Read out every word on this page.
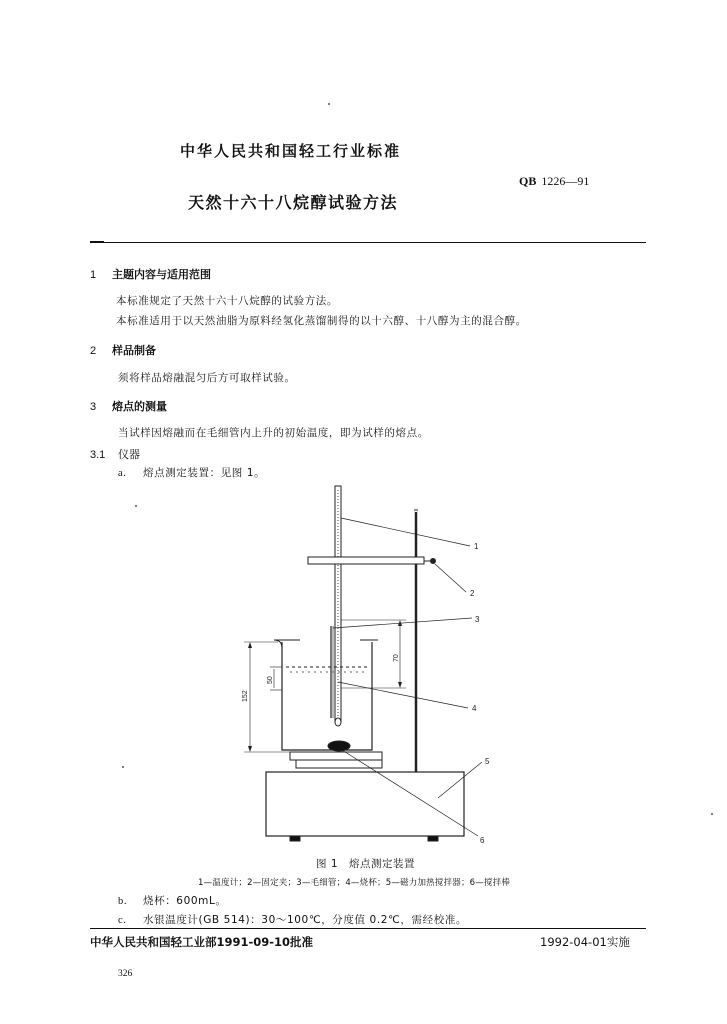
中华人民共和国轻工行业标准
QB 1226—91
天然十六十八烷醇试验方法
1 主题内容与适用范围
本标准规定了天然十六十八烷醇的试验方法。
本标准适用于以天然油脂为原料经氢化蒸馏制得的以十六醇、十八醇为主的混合醇。
2 样品制备
须将样品熔融混匀后方可取样试验。
3 熔点的测量
当试样因熔融而在毛细管内上升的初始温度，即为试样的熔点。
3.1 仪器
a. 熔点测定装置：见图 1。
1
2
3
4
5
6
152
50
70
图 1　熔点测定装置
1—温度计；2—固定夹；3—毛细管；4—烧杯；5—磁力加热搅拌器；6—搅拌棒
b. 烧杯：600mL。
c. 水银温度计(GB 514)：30～100℃，分度值 0.2℃，需经校准。
中华人民共和国轻工业部1991-09-10批准	1992-04-01实施
326
